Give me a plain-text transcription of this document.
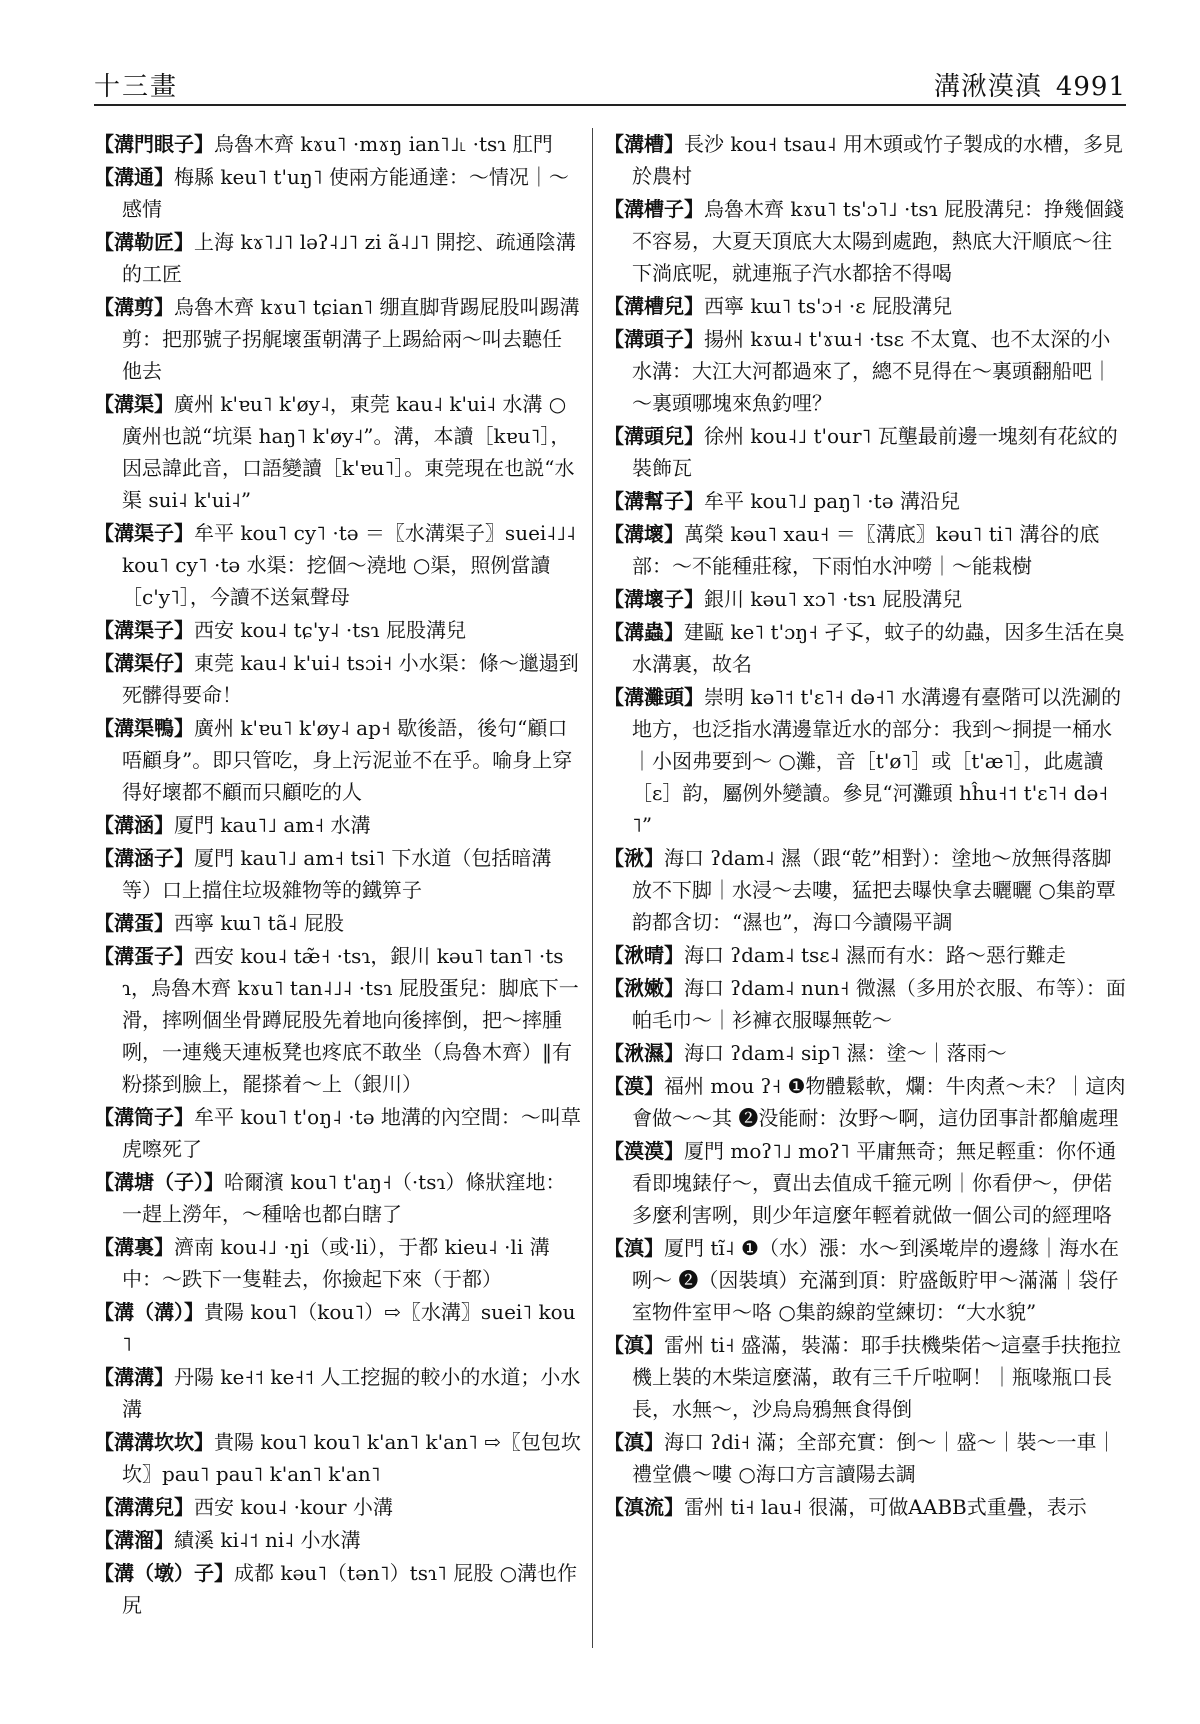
十三畫	溝湫漠滇 4991
【溝門眼子】烏魯木齊 kɤu˥ ·mɤŋ ian˥˩˪ ·tsɿ 肛門
【溝通】梅縣 keu˥ t'uŋ˥ 使兩方能通達：～情况｜～感情
【溝勒匠】上海 kɤ˥˩˥ ləʔ˨˩˥ zi ã˨˩˥ 開挖、疏通陰溝的工匠
【溝剪】烏魯木齊 kɤu˥ tɕian˥ 绷直脚背踢屁股叫踢溝剪：把那號子拐艉壞蛋朝溝子上踢給兩～叫去聽任他去
【溝渠】廣州 k'ɐu˥ k'øy˨，東莞 kau˨ k'ui˨ 水溝 ○廣州也説“坑渠 haŋ˥ k'øy˨”。溝，本讀［kɐu˥］，因忌諱此音，口語變讀［k'ɐu˥］。東莞現在也説“水渠 sui˨ k'ui˨”
【溝渠子】牟平 kou˥ cy˥ ·tə ＝〖水溝渠子〗suei˨˩˨ kou˥ cy˥ ·tə 水渠：挖個～澆地 ○渠，照例當讀［c'y˥］，今讀不送氣聲母
【溝渠子】西安 kou˨ tɕ'y˨ ·tsɿ 屁股溝兒
【溝渠仔】東莞 kau˨ k'ui˨ tsɔi˧ 小水渠：條～邋遢到死髒得要命！
【溝渠鴨】廣州 k'ɐu˥ k'øy˨ ap˧ 歇後語，後句“顧口唔顧身”。即只管吃，身上污泥並不在乎。喻身上穿得好壞都不顧而只顧吃的人
【溝涵】厦門 kau˥˩ am˧ 水溝
【溝涵子】厦門 kau˥˩ am˧ tsi˥ 下水道（包括暗溝等）口上擋住垃圾雜物等的鐵箅子
【溝蛋】西寧 kɯ˥ tã˨ 屁股
【溝蛋子】西安 kou˨ tæ̃˧ ·tsɿ，銀川 kəu˥ tan˥ ·tsɿ，烏魯木齊 kɤu˥ tan˨˩˨ ·tsɿ 屁股蛋兒：脚底下一滑，摔咧個坐骨蹲屁股先着地向後摔倒，把～摔腫咧，一連幾天連板凳也疼底不敢坐（烏魯木齊）‖有粉搽到臉上，罷搽着～上（銀川）
【溝筒子】牟平 kou˥ t'oŋ˨ ·tə 地溝的內空間：～叫草虎嚓死了
【溝塘（子）】哈爾濱 kou˥ t'aŋ˧（·tsɿ）條狀窪地：一趕上澇年，～種啥也都白瞎了
【溝裏】濟南 kou˨˩ ·ŋi（或·li），于都 kieu˨ ·li 溝中：～跌下一隻鞋去，你撿起下來（于都）
【溝（溝）】貴陽 kou˥（kou˥）⇨〖水溝〗suei˥ kou˥
【溝溝】丹陽 ke˧˦ ke˧˦ 人工挖掘的較小的水道；小水溝
【溝溝坎坎】貴陽 kou˥ kou˥ k'an˥ k'an˥ ⇨〖包包坎坎〗pau˥ pau˥ k'an˥ k'an˥
【溝溝兒】西安 kou˨ ·kour 小溝
【溝溜】績溪 ki˨˦ ni˨ 小水溝
【溝（墩）子】成都 kəu˥（tən˥）tsɿ˥ 屁股 ○溝也作尻
【溝槽】長沙 kou˧ tsau˨ 用木頭或竹子製成的水槽，多見於農村
【溝槽子】烏魯木齊 kɤu˥ ts'ɔ˥˩ ·tsɿ 屁股溝兒：挣幾個錢不容易，大夏天頂底大太陽到處跑，熱底大汗順底～往下淌底呢，就連瓶子汽水都捨不得喝
【溝槽兒】西寧 kɯ˥ ts'ɔ˧ ·ɛ 屁股溝兒
【溝頭子】揚州 kɤɯ˨ t'ɤɯ˧ ·tsɛ 不太寬、也不太深的小水溝：大江大河都過來了，總不見得在～裏頭翻船吧｜～裏頭哪塊來魚釣哩？
【溝頭兒】徐州 kou˨˩ t'our˥ 瓦壟最前邊一塊刻有花紋的裝飾瓦
【溝幫子】牟平 kou˥˩ paŋ˥ ·tə 溝沿兒
【溝壞】萬榮 kəu˥ xau˧ ＝〖溝底〗kəu˥ ti˥ 溝谷的底部：～不能種莊稼，下雨怕水沖嘮｜～能栽樹
【溝壞子】銀川 kəu˥ xɔ˥ ·tsɿ 屁股溝兒
【溝蟲】建甌 ke˥ t'ɔŋ˧ 孑孓，蚊子的幼蟲，因多生活在臭水溝裏，故名
【溝灘頭】崇明 kə˥˦ t'ɛ˥˧ də˧˥ 水溝邊有臺階可以洗涮的地方，也泛指水溝邊靠近水的部分：我到～挏提一桶水｜小囡弗要到～ ○灘，音［t'ø˥］或［t'æ˥］，此處讀［ɛ］韵，屬例外變讀。參見“河灘頭 hĥu˧˦ t'ɛ˥˧ də˧˥”
【湫】海口 ʔdam˨ 濕（跟“乾”相對）：塗地～放無得落脚放不下脚｜水浸～去嘍，猛把去曝快拿去曬曬 ○集韵覃韵都含切：“濕也”，海口今讀陽平調
【湫晴】海口 ʔdam˨ tsɛ˨ 濕而有水：路～惡行難走
【湫嫩】海口 ʔdam˨ nun˧ 微濕（多用於衣服、布等）：面帕毛巾～｜衫褲衣服曝無乾～
【湫濕】海口 ʔdam˨ sip˥ 濕：塗～｜落雨～
【漠】福州 mou ʔ˧ ❶物體鬆軟，爛：牛肉煮～未？｜這肉會做～～其 ❷没能耐：汝野～啊，這仂囝事計都艙處理
【漠漠】厦門 moʔ˥˩ moʔ˥ 平庸無奇；無足輕重：你伓通看即塊錶仔～，賣出去值成千箍元咧｜你看伊～，伊偌多麼利害咧，則少年這麼年輕着就做一個公司的經理咯
【滇】厦門 tĩ˨ ❶（水）漲：水～到溪墘岸的邊緣｜海水在咧～ ❷（因裝填）充滿到頂：貯盛飯貯甲～滿滿｜袋仔室物件室甲～咯 ○集韵線韵堂練切：“大水貌”
【滇】雷州 ti˧ 盛滿，裝滿：耶手扶機柴偌～這臺手扶拖拉機上裝的木柴這麼滿，敢有三千斤啦啊！｜瓶喙瓶口長長，水無～，沙烏烏鴉無食得倒
【滇】海口 ʔdi˧ 滿；全部充實：倒～｜盛～｜裝～一車｜禮堂儂～嘍 ○海口方言讀陽去調
【滇流】雷州 ti˧ lau˨ 很滿，可做AABB式重疊，表示
